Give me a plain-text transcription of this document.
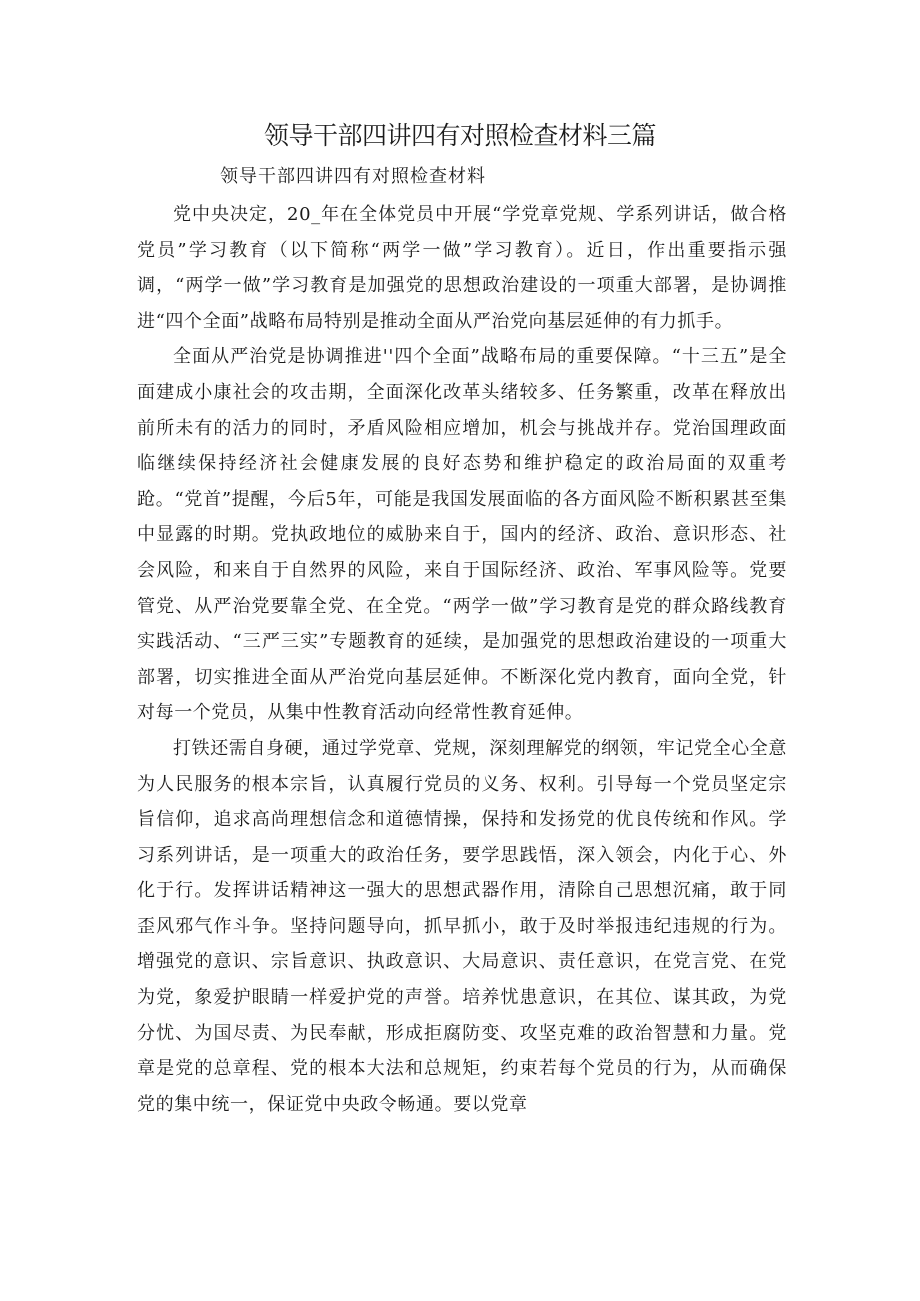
领导干部四讲四有对照检查材料三篇

领导干部四讲四有对照检查材料

党中央决定，20_年在全体党员中开展“学党章党规、学系列讲话，做合格党员”学习教育（以下简称“两学一做”学习教育）。近日，作出重要指示强调，“两学一做”学习教育是加强党的思想政治建设的一项重大部署，是协调推进“四个全面”战略布局特别是推动全面从严治党向基层延伸的有力抓手。

全面从严治党是协调推进''四个全面”战略布局的重要保障。“十三五”是全面建成小康社会的攻击期，全面深化改革头绪较多、任务繁重，改革在释放出前所未有的活力的同时，矛盾风险相应增加，机会与挑战并存。党治国理政面临继续保持经济社会健康发展的良好态势和维护稳定的政治局面的双重考跄。“党首”提醒，今后5年，可能是我国发展面临的各方面风险不断积累甚至集中显露的时期。党执政地位的威胁来自于，国内的经济、政治、意识形态、社会风险，和来自于自然界的风险，来自于国际经济、政治、军事风险等。党要管党、从严治党要靠全党、在全党。“两学一做”学习教育是党的群众路线教育实践活动、“三严三实”专题教育的延续，是加强党的思想政治建设的一项重大部署，切实推进全面从严治党向基层延伸。不断深化党内教育，面向全党，针对每一个党员，从集中性教育活动向经常性教育延伸。

打铁还需自身硬，通过学党章、党规，深刻理解党的纲领，牢记党全心全意为人民服务的根本宗旨，认真履行党员的义务、权利。引导每一个党员坚定宗旨信仰，追求高尚理想信念和道德情操，保持和发扬党的优良传统和作风。学习系列讲话，是一项重大的政治任务，要学思践悟，深入领会，内化于心、外化于行。发挥讲话精神这一强大的思想武器作用，清除自己思想沉痛，敢于同歪风邪气作斗争。坚持问题导向，抓早抓小，敢于及时举报违纪违规的行为。增强党的意识、宗旨意识、执政意识、大局意识、责任意识，在党言党、在党为党，象爱护眼睛一样爱护党的声誉。培养忧患意识，在其位、谋其政，为党分忧、为国尽责、为民奉献，形成拒腐防变、攻坚克难的政治智慧和力量。党章是党的总章程、党的根本大法和总规矩，约束若每个党员的行为，从而确保党的集中统一，保证党中央政令畅通。要以党章
